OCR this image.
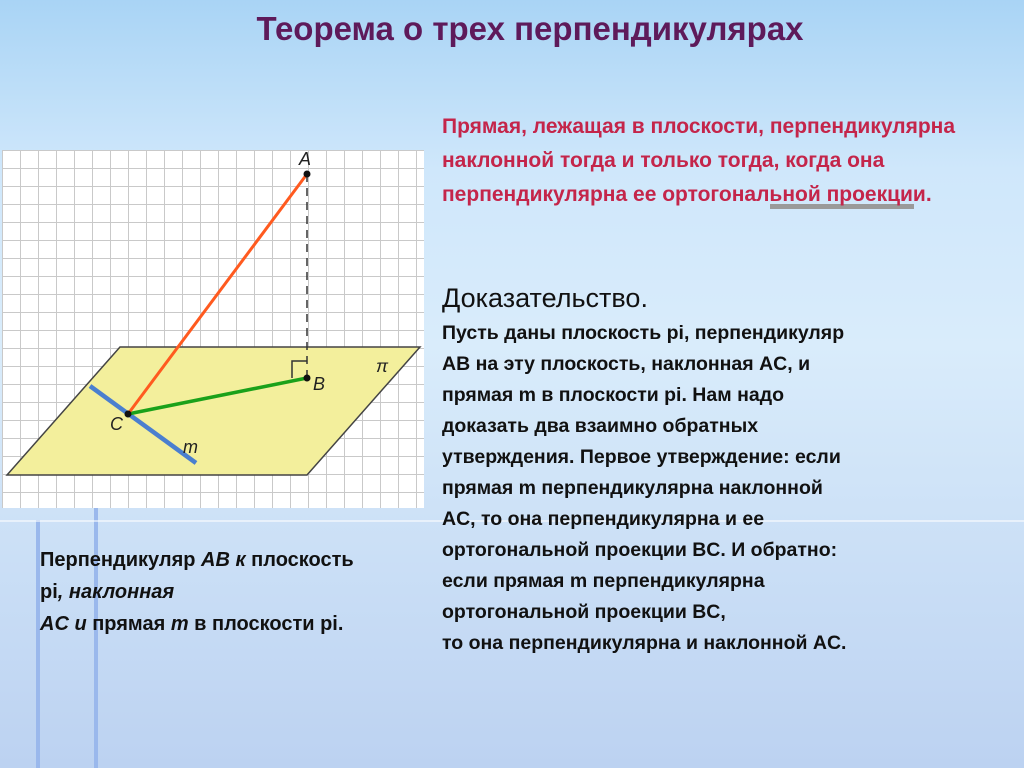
Теорема о трех перпендикулярах
A
B
C
m
π
Прямая, лежащая в плоскости, перпендикулярна наклонной тогда и только тогда, когда она перпендикулярна ее ортогональной проекции.
Доказательство.
Пусть даны плоскость pi, перпендикуляр
AB на эту плоскость, наклонная AC, и
прямая m в плоскости pi. Нам надо
доказать два взаимно обратных
утверждения. Первое утверждение: если
прямая m перпендикулярна наклонной
AC, то она перпендикулярна и ее
ортогональной проекции BC. И обратно:
если прямая m перпендикулярна
ортогональной проекции BC,
то она перпендикулярна и наклонной AC.
Перпендикуляр AB к плоскость pi, наклонная
AC и прямая m в плоскости pi.
